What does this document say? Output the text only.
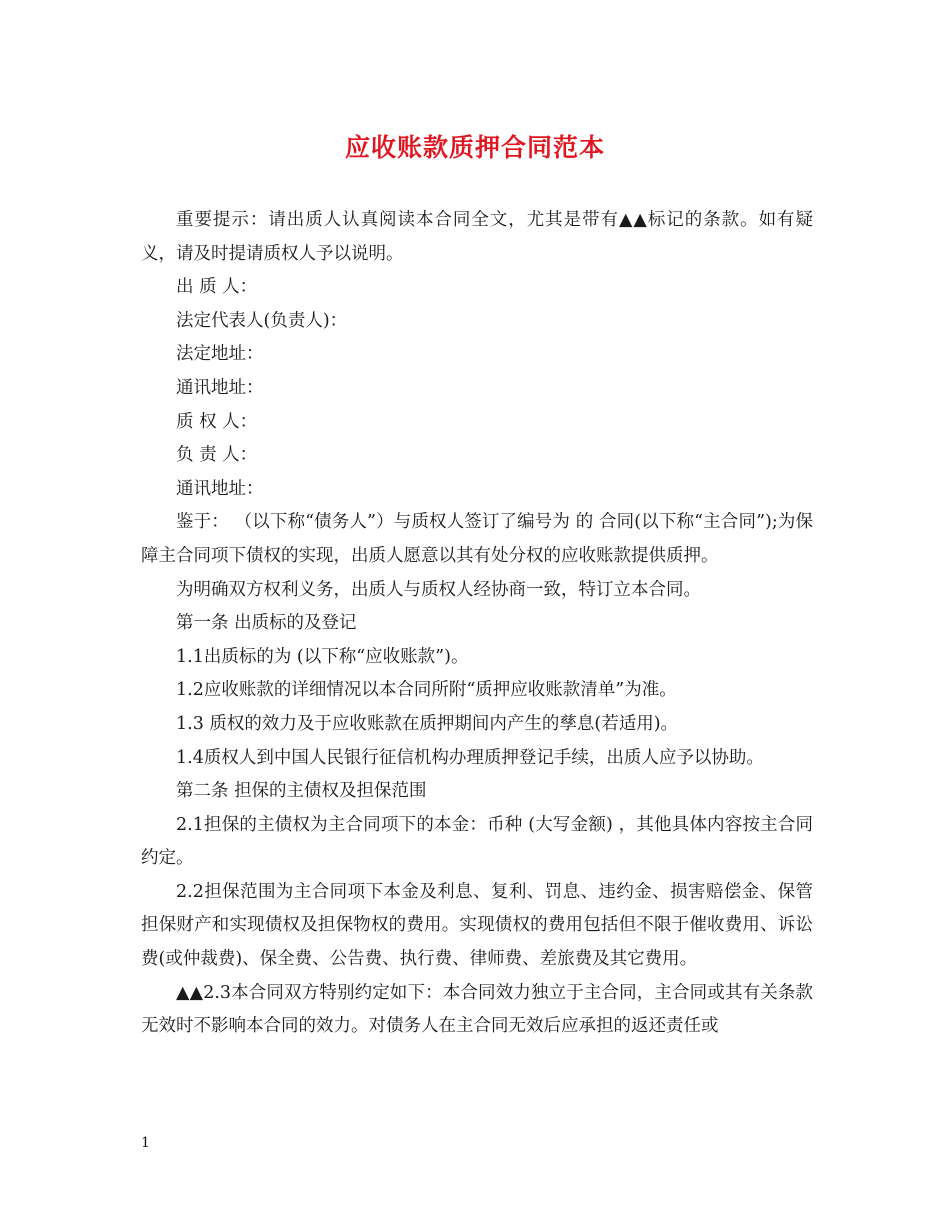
应收账款质押合同范本

重要提示：请出质人认真阅读本合同全文，尤其是带有▲▲标记的条款。如有疑义，请及时提请质权人予以说明。

出 质 人：

法定代表人(负责人)：

法定地址：

通讯地址：

质 权 人：

负 责 人：

通讯地址：

鉴于： （以下称“债务人”）与质权人签订了编号为 的 合同(以下称“主合同”);为保障主合同项下债权的实现，出质人愿意以其有处分权的应收账款提供质押。

为明确双方权利义务，出质人与质权人经协商一致，特订立本合同。

第一条 出质标的及登记

1.1出质标的为 (以下称“应收账款”)。

1.2应收账款的详细情况以本合同所附“质押应收账款清单”为准。

1.3 质权的效力及于应收账款在质押期间内产生的孳息(若适用)。

1.4质权人到中国人民银行征信机构办理质押登记手续，出质人应予以协助。

第二条 担保的主债权及担保范围

2.1担保的主债权为主合同项下的本金：币种 (大写金额) ，其他具体内容按主合同约定。

2.2担保范围为主合同项下本金及利息、复利、罚息、违约金、损害赔偿金、保管担保财产和实现债权及担保物权的费用。实现债权的费用包括但不限于催收费用、诉讼费(或仲裁费)、保全费、公告费、执行费、律师费、差旅费及其它费用。

▲▲2.3本合同双方特别约定如下：本合同效力独立于主合同，主合同或其有关条款无效时不影响本合同的效力。对债务人在主合同无效后应承担的返还责任或

1
